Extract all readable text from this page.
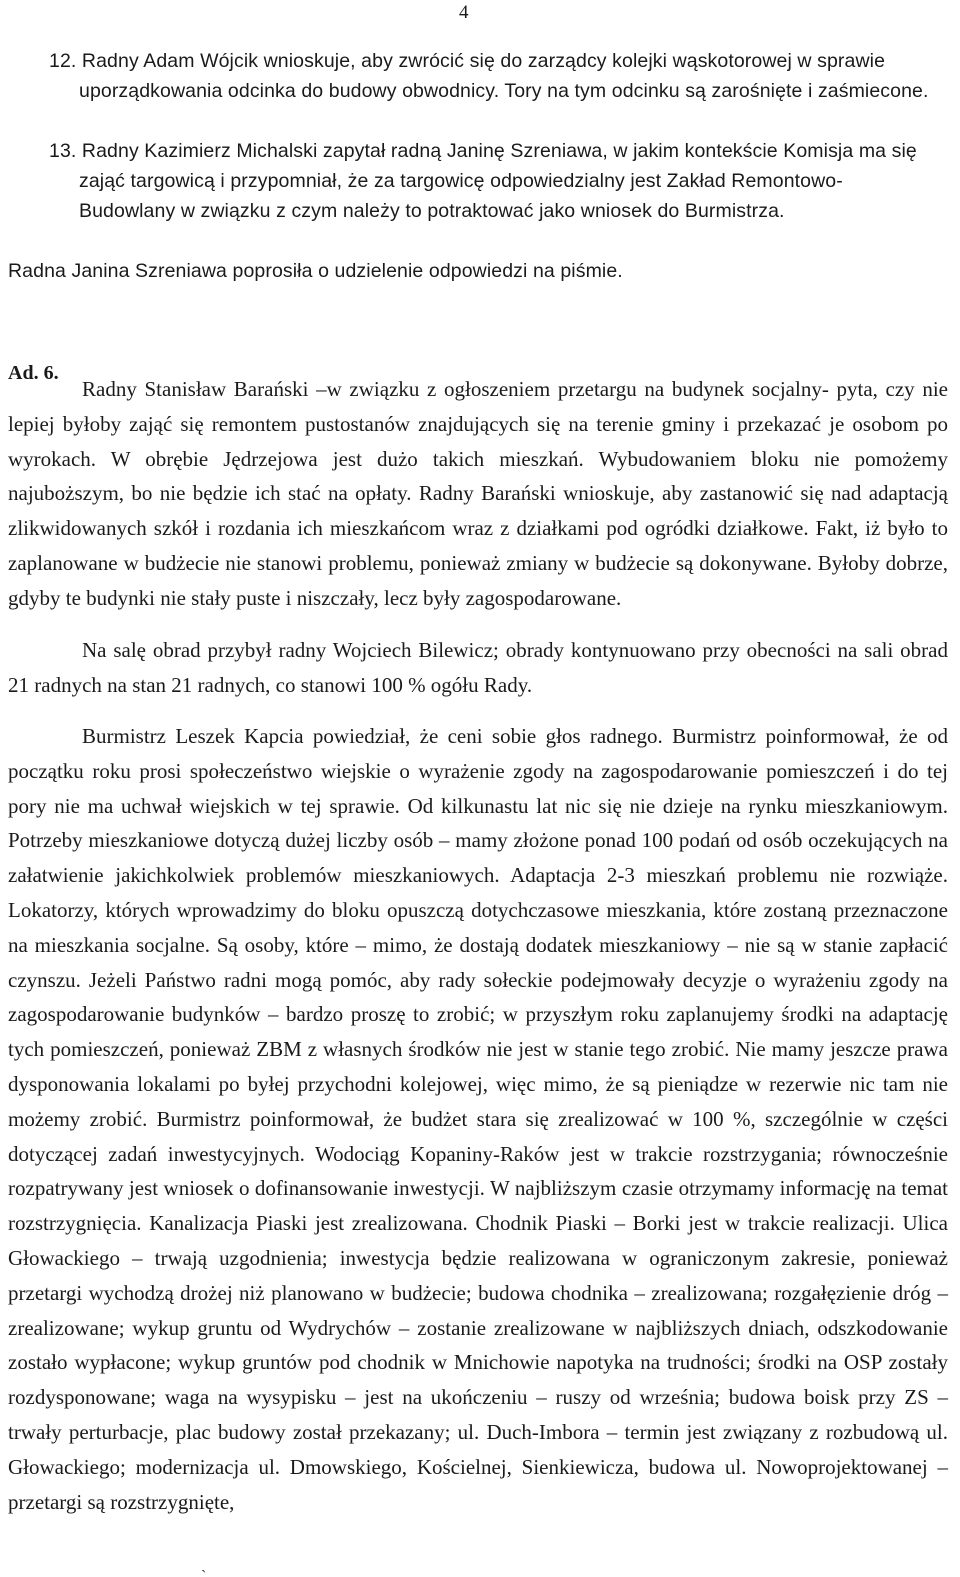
4

12. Radny Adam Wójcik wnioskuje, aby zwrócić się do zarządcy kolejki wąskotorowej w sprawie uporządkowania odcinka do budowy obwodnicy. Tory na tym odcinku są zarośnięte i zaśmiecone.

13. Radny Kazimierz Michalski zapytał radną Janinę Szreniawa, w jakim kontekście Komisja ma się zająć targowicą i przypomniał, że za targowicę odpowiedzialny jest Zakład Remontowo-Budowlany w związku z czym należy to potraktować jako wniosek do Burmistrza.

Radna Janina Szreniawa poprosiła o udzielenie odpowiedzi na piśmie.

Ad. 6.

Radny Stanisław Barański –w związku z ogłoszeniem przetargu na budynek socjalny- pyta, czy nie lepiej byłoby zająć się remontem pustostanów znajdujących się na terenie gminy i przekazać je osobom po wyrokach. W obrębie Jędrzejowa jest dużo takich mieszkań. Wybudowaniem bloku nie pomożemy najuboższym, bo nie będzie ich stać na opłaty. Radny Barański wnioskuje, aby zastanowić się nad adaptacją zlikwidowanych szkół i rozdania ich mieszkańcom wraz z działkami pod ogródki działkowe. Fakt, iż było to zaplanowane w budżecie nie stanowi problemu, ponieważ zmiany w budżecie są dokonywane. Byłoby dobrze, gdyby te budynki nie stały puste i niszczały, lecz były zagospodarowane.

Na salę obrad przybył radny Wojciech Bilewicz; obrady kontynuowano przy obecności na sali obrad 21 radnych na stan 21 radnych, co stanowi 100 % ogółu Rady.

Burmistrz Leszek Kapcia powiedział, że ceni sobie głos radnego. Burmistrz poinformował, że od początku roku prosi społeczeństwo wiejskie o wyrażenie zgody na zagospodarowanie pomieszczeń i do tej pory nie ma uchwał wiejskich w tej sprawie. Od kilkunastu lat nic się nie dzieje na rynku mieszkaniowym. Potrzeby mieszkaniowe dotyczą dużej liczby osób – mamy złożone ponad 100 podań od osób oczekujących na załatwienie jakichkolwiek problemów mieszkaniowych. Adaptacja 2-3 mieszkań problemu nie rozwiąże. Lokatorzy, których wprowadzimy do bloku opuszczą dotychczasowe mieszkania, które zostaną przeznaczone na mieszkania socjalne. Są osoby, które – mimo, że dostają dodatek mieszkaniowy – nie są w stanie zapłacić czynszu. Jeżeli Państwo radni mogą pomóc, aby rady sołeckie podejmowały decyzje o wyrażeniu zgody na zagospodarowanie budynków – bardzo proszę to zrobić; w przyszłym roku zaplanujemy środki na adaptację tych pomieszczeń, ponieważ ZBM z własnych środków nie jest w stanie tego zrobić. Nie mamy jeszcze prawa dysponowania lokalami po byłej przychodni kolejowej, więc mimo, że są pieniądze w rezerwie nic tam nie możemy zrobić. Burmistrz poinformował, że budżet stara się zrealizować w 100 %, szczególnie w części dotyczącej zadań inwestycyjnych. Wodociąg Kopaniny-Raków jest w trakcie rozstrzygania; równocześnie rozpatrywany jest wniosek o dofinansowanie inwestycji. W najbliższym czasie otrzymamy informację na temat rozstrzygnięcia. Kanalizacja Piaski jest zrealizowana. Chodnik Piaski – Borki jest w trakcie realizacji. Ulica Głowackiego – trwają uzgodnienia; inwestycja będzie realizowana w ograniczonym zakresie, ponieważ przetargi wychodzą drożej niż planowano w budżecie; budowa chodnika – zrealizowana; rozgałęzienie dróg – zrealizowane; wykup gruntu od Wydrychów – zostanie zrealizowane w najbliższych dniach, odszkodowanie zostało wypłacone; wykup gruntów pod chodnik w Mnichowie napotyka na trudności; środki na OSP zostały rozdysponowane; waga na wysypisku – jest na ukończeniu – ruszy od września; budowa boisk przy ZS – trwały perturbacje, plac budowy został przekazany; ul. Duch-Imbora – termin jest związany z rozbudową ul. Głowackiego; modernizacja ul. Dmowskiego, Kościelnej, Sienkiewicza, budowa ul. Nowoprojektowanej – przetargi są rozstrzygnięte,

ˏ
